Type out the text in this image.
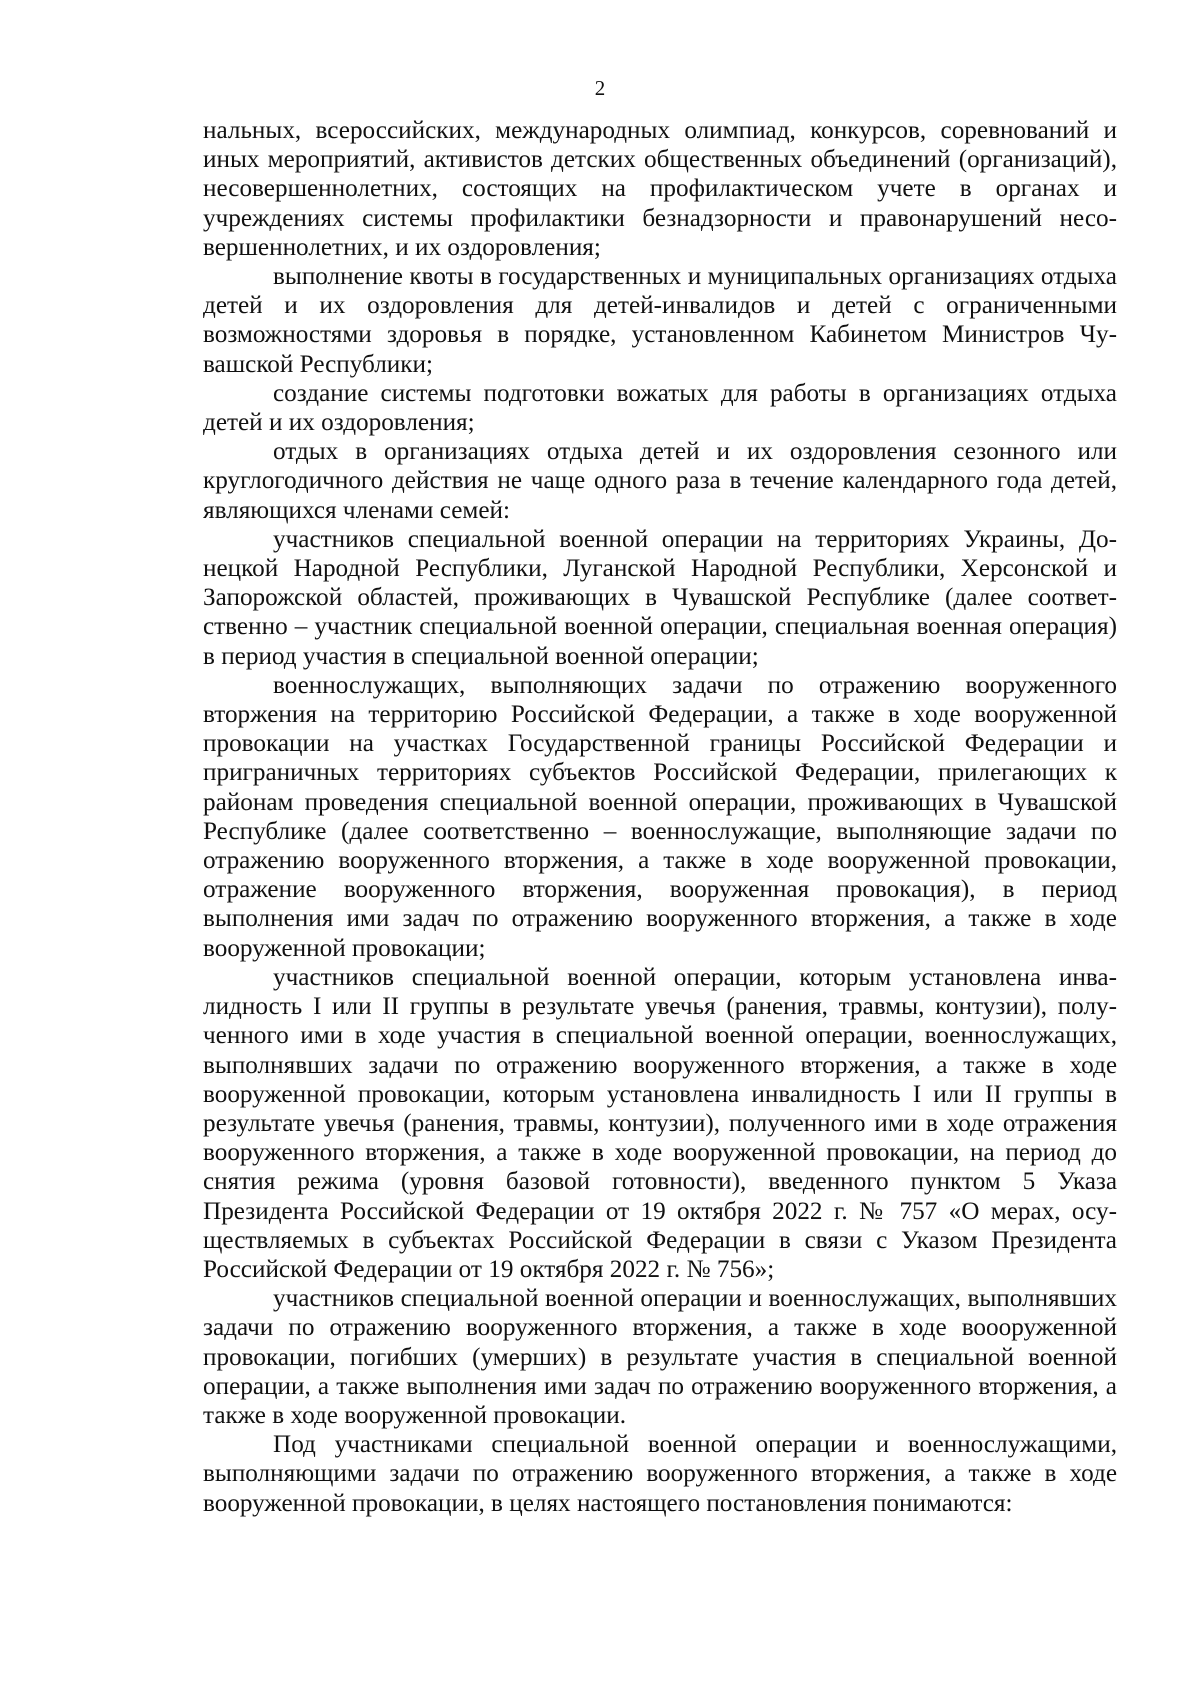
2

нальных, всероссийских, международных олимпиад, конкурсов, соревнований и иных мероприятий, активистов детских общественных объединений (организаций), несовершеннолетних, состоящих на профилактическом учете в органах и учреждениях системы профилактики безнадзорности и правонарушений несовершеннолетних, и их оздоровления;

выполнение квоты в государственных и муниципальных организациях отдыха детей и их оздоровления для детей-инвалидов и детей с ограниченными возможностями здоровья в порядке, установленном Кабинетом Министров Чувашской Республики;

создание системы подготовки вожатых для работы в организациях отдыха детей и их оздоровления;

отдых в организациях отдыха детей и их оздоровления сезонного или круглогодичного действия не чаще одного раза в течение календарного года детей, являющихся членами семей:

участников специальной военной операции на территориях Украины, Донецкой Народной Республики, Луганской Народной Республики, Херсонской и Запорожской областей, проживающих в Чувашской Республике (далее соответственно – участник специальной военной операции, специальная военная операция) в период участия в специальной военной операции;

военнослужащих, выполняющих задачи по отражению вооруженного вторжения на территорию Российской Федерации, а также в ходе вооруженной провокации на участках Государственной границы Российской Федерации и приграничных территориях субъектов Российской Федерации, прилегающих к районам проведения специальной военной операции, проживающих в Чувашской Республике (далее соответственно – военнослужащие, выполняющие задачи по отражению вооруженного вторжения, а также в ходе вооруженной провокации, отражение вооруженного вторжения, вооруженная провокация), в период выполнения ими задач по отражению вооруженного вторжения, а также в ходе вооруженной провокации;

участников специальной военной операции, которым установлена инвалидность I или II группы в результате увечья (ранения, травмы, контузии), полученного ими в ходе участия в специальной военной операции, военнослужащих, выполнявших задачи по отражению вооруженного вторжения, а также в ходе вооруженной провокации, которым установлена инвалидность I или II группы в результате увечья (ранения, травмы, контузии), полученного ими в ходе отражения вооруженного вторжения, а также в ходе вооруженной провокации, на период до снятия режима (уровня базовой готовности), введенного пунктом 5 Указа Президента Российской Федерации от 19 октября 2022 г. № 757 «О мерах, осуществляемых в субъектах Российской Федерации в связи с Указом Президента Российской Федерации от 19 октября 2022 г. № 756»;

участников специальной военной операции и военнослужащих, выполнявших задачи по отражению вооруженного вторжения, а также в ходе воооруженной провокации, погибших (умерших) в результате участия в специальной военной операции, а также выполнения ими задач по отражению вооруженного вторжения, а также в ходе вооруженной провокации.

Под участниками специальной военной операции и военнослужащими, выполняющими задачи по отражению вооруженного вторжения, а также в ходе вооруженной провокации, в целях настоящего постановления понимаются:
